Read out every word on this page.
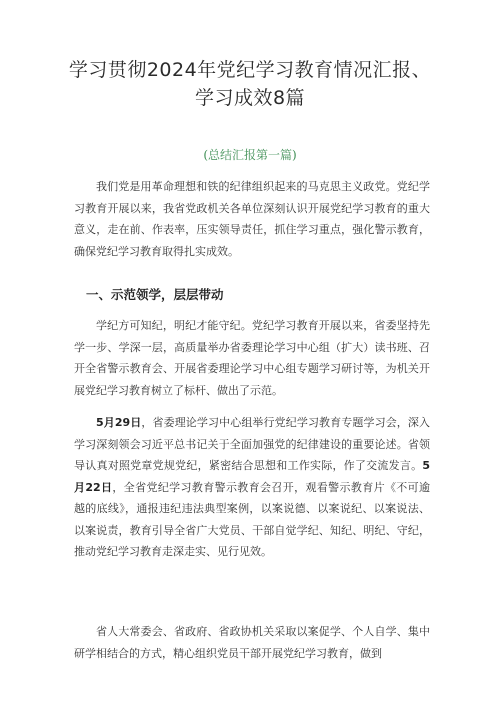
学习贯彻2024年党纪学习教育情况汇报、学习成效8篇
(总结汇报第一篇)

我们党是用革命理想和铁的纪律组织起来的马克思主义政党。党纪学习教育开展以来，我省党政机关各单位深刻认识开展党纪学习教育的重大意义，走在前、作表率，压实领导责任，抓住学习重点，强化警示教育，确保党纪学习教育取得扎实成效。

一、示范领学，层层带动

学纪方可知纪，明纪才能守纪。党纪学习教育开展以来，省委坚持先学一步、学深一层，高质量举办省委理论学习中心组（扩大）读书班、召开全省警示教育会、开展省委理论学习中心组专题学习研讨等，为机关开展党纪学习教育树立了标杆、做出了示范。

5月29日，省委理论学习中心组举行党纪学习教育专题学习会，深入学习深刻领会习近平总书记关于全面加强党的纪律建设的重要论述。省领导认真对照党章党规党纪，紧密结合思想和工作实际，作了交流发言。5月22日，全省党纪学习教育警示教育会召开，观看警示教育片《不可逾越的底线》，通报违纪违法典型案例，以案说德、以案说纪、以案说法、以案说责，教育引导全省广大党员、干部自觉学纪、知纪、明纪、守纪，推动党纪学习教育走深走实、见行见效。

省人大常委会、省政府、省政协机关采取以案促学、个人自学、集中研学相结合的方式，精心组织党员干部开展党纪学习教育，做到
